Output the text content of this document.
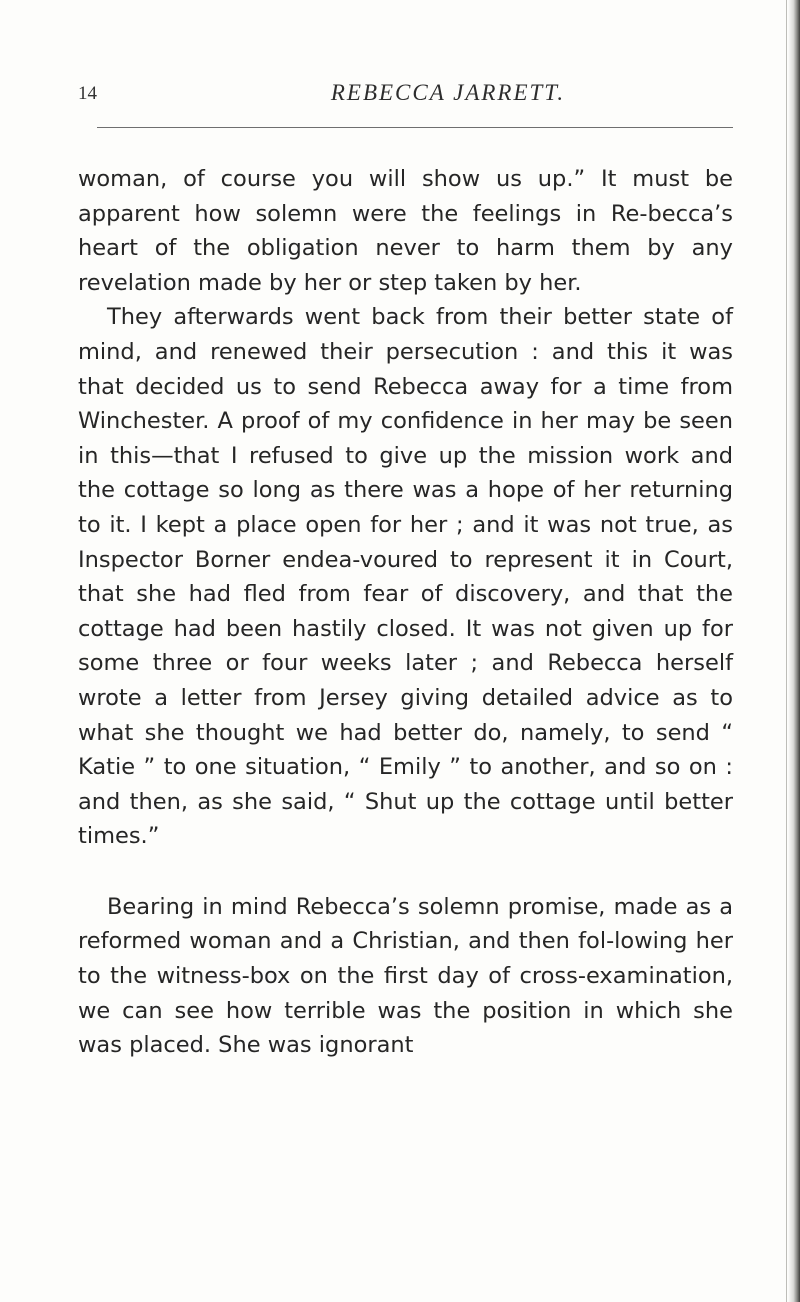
14	REBECCA JARRETT.

woman, of course you will show us up.” It must be apparent how solemn were the feelings in Re-becca’s heart of the obligation never to harm them by any revelation made by her or step taken by her.

They afterwards went back from their better state of mind, and renewed their persecution : and this it was that decided us to send Rebecca away for a time from Winchester. A proof of my confidence in her may be seen in this—that I refused to give up the mission work and the cottage so long as there was a hope of her returning to it. I kept a place open for her ; and it was not true, as Inspector Borner endea-voured to represent it in Court, that she had fled from fear of discovery, and that the cottage had been hastily closed. It was not given up for some three or four weeks later ; and Rebecca herself wrote a letter from Jersey giving detailed advice as to what she thought we had better do, namely, to send “ Katie ” to one situation, “ Emily ” to another, and so on : and then, as she said, “ Shut up the cottage until better times.”

Bearing in mind Rebecca’s solemn promise, made as a reformed woman and a Christian, and then fol-lowing her to the witness-box on the first day of cross-examination, we can see how terrible was the position in which she was placed. She was ignorant
